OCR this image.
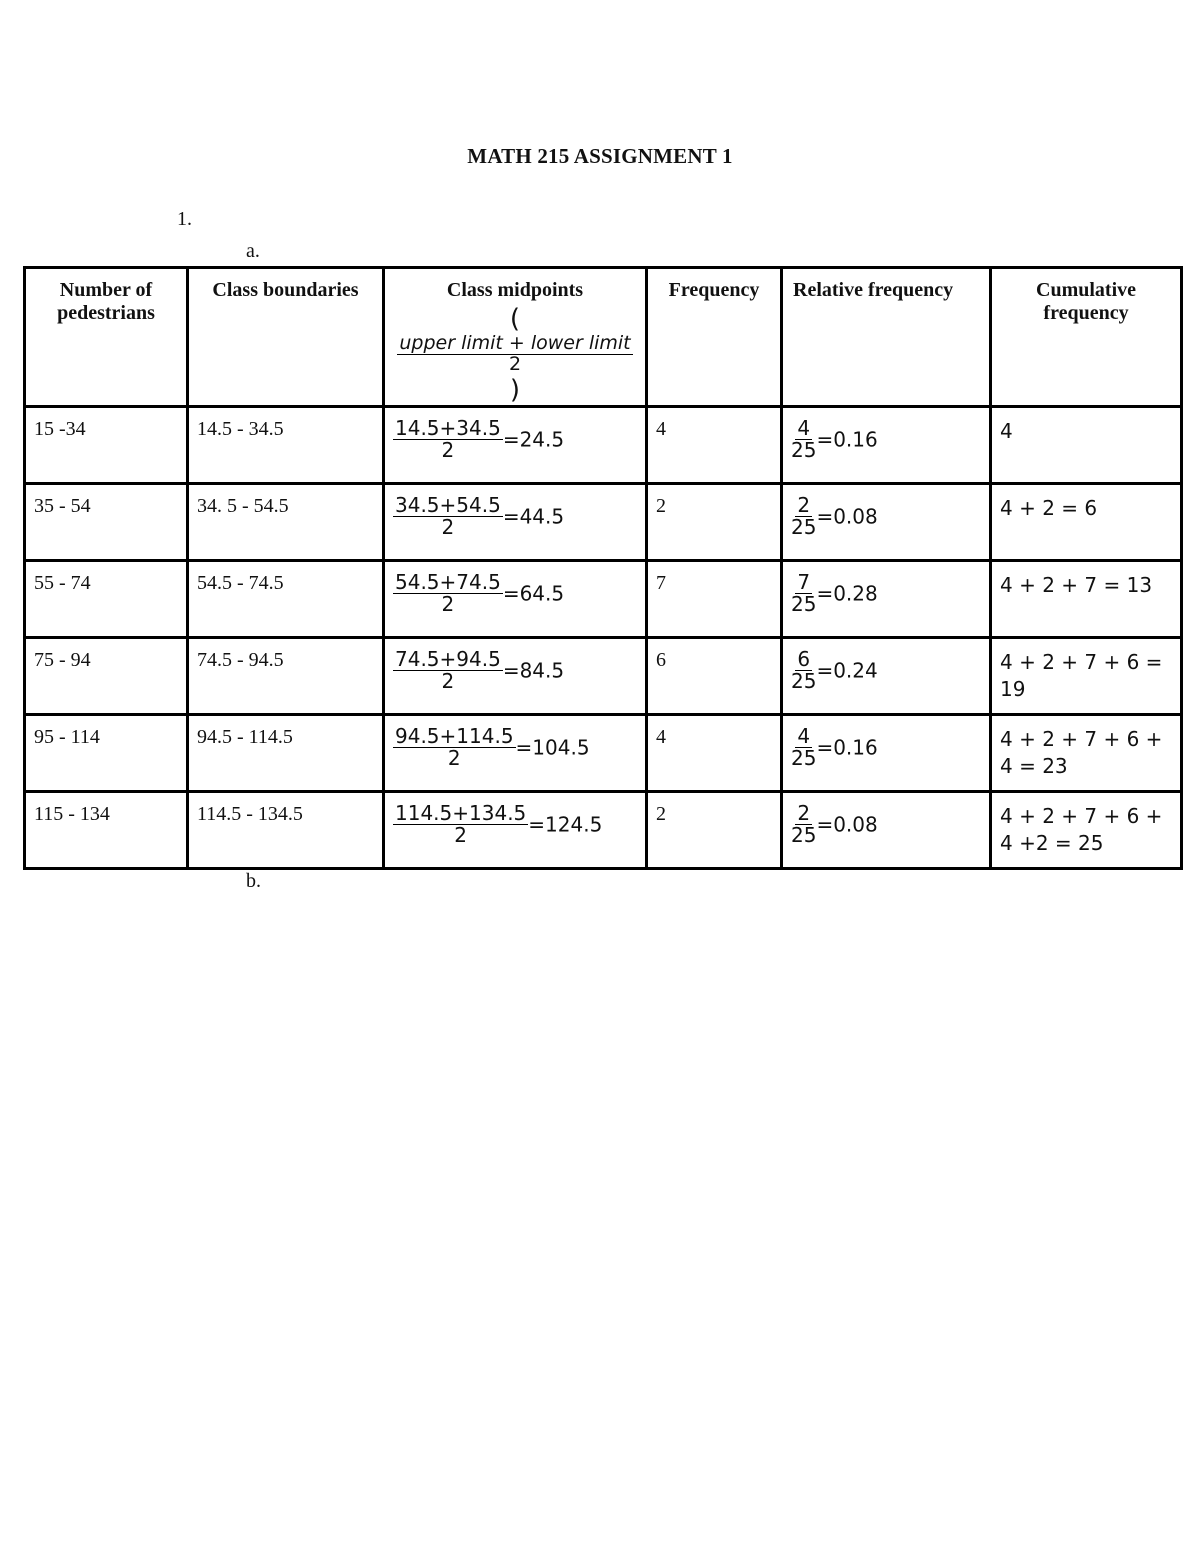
MATH 215 ASSIGNMENT 1
1.
a.
Number of pedestrians	Class boundaries	Class midpoints
(
$\frac{\text{upper limit + lower limit}}{2}$
)	Frequency	Relative frequency	Cumulative frequency
15 -34	14.5 - 34.5	$\frac{14.5+34.5}{2} =24.5$	4	$\frac{4}{25} =0.16$	4
35 - 54	34. 5 - 54.5	$\frac{34.5+54.5}{2} =44.5$	2	$\frac{2}{25} =0.08$	4 + 2 = 6
55 - 74	54.5 - 74.5	$\frac{54.5+74.5}{2} =64.5$	7	$\frac{7}{25} =0.28$	4 + 2 + 7 = 13
75 - 94	74.5 - 94.5	$\frac{74.5+94.5}{2} =84.5$	6	$\frac{6}{25} =0.24$	4 + 2 + 7 + 6 = 19
95 - 114	94.5 - 114.5	$\frac{94.5+114.5}{2} =104.5$	4	$\frac{4}{25} =0.16$	4 + 2 + 7 + 6 + 4 = 23
115 - 134	114.5 - 134.5	$\frac{114.5+134.5}{2} =124.5$	2	$\frac{2}{25} =0.08$	4 + 2 + 7 + 6 + 4 +2 = 25
b.
